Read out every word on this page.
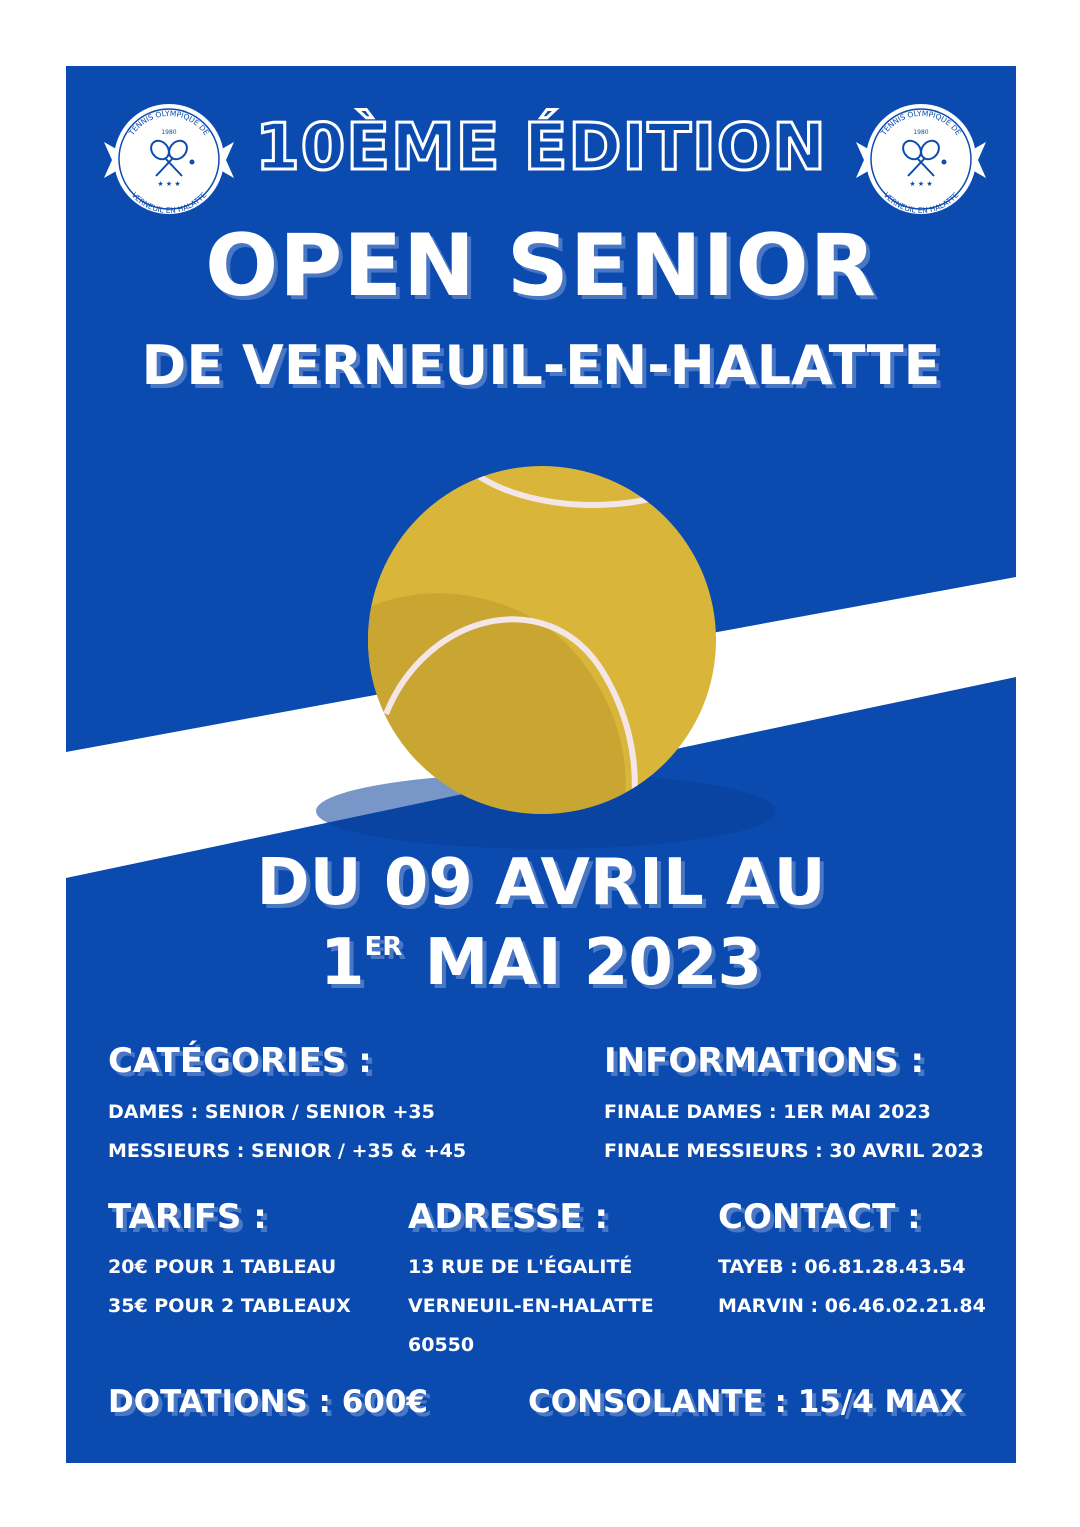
TENNIS OLYMPIQUE DE
VERNEUIL EN HALATTE
1980
★ ★ ★
TENNIS OLYMPIQUE DE
VERNEUIL EN HALATTE
1980
★ ★ ★
10ÈME ÉDITION
OPEN SENIOR
DE VERNEUIL-EN-HALATTE
DU 09 AVRIL AU
1ER MAI 2023
CATÉGORIES :
DAMES : SENIOR / SENIOR +35
MESSIEURS : SENIOR / +35 & +45
INFORMATIONS :
FINALE DAMES : 1ER MAI 2023
FINALE MESSIEURS : 30 AVRIL 2023
TARIFS :
20€ POUR 1 TABLEAU
35€ POUR 2 TABLEAUX
ADRESSE :
13 RUE DE L'ÉGALITÉ
VERNEUIL-EN-HALATTE
60550
CONTACT :
TAYEB : 06.81.28.43.54
MARVIN : 06.46.02.21.84
DOTATIONS : 600€	CONSOLANTE : 15/4 MAX
